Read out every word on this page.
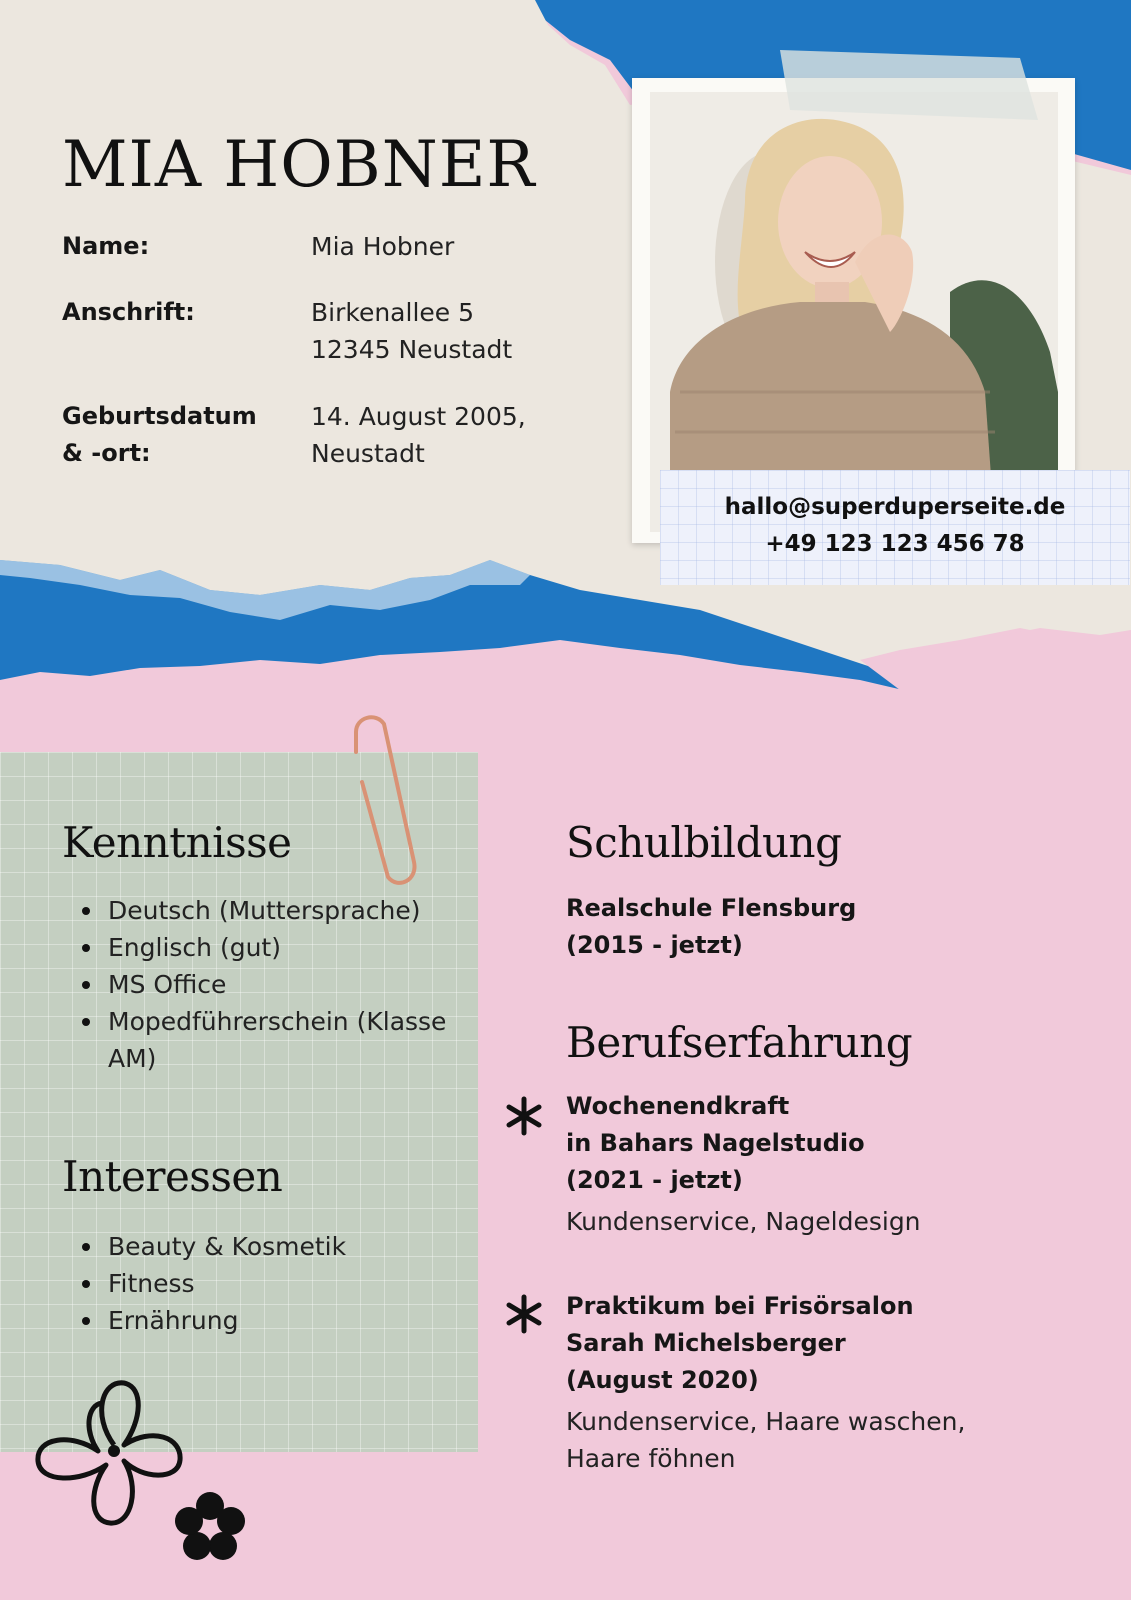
MIA HOBNER
Name:	Mia Hobner
Anschrift:	Birkenallee 5
12345 Neustadt
Geburtsdatum
& -ort:
14. August 2005,
Neustadt
hallo@superduperseite.de
+49 123 123 456 78
Kenntnisse
Deutsch (Muttersprache)
Englisch (gut)
MS Office
Mopedführerschein (Klasse AM)
Interessen
Beauty & Kosmetik
Fitness
Ernährung
Schulbildung
Realschule Flensburg
(2015 - jetzt)
Berufserfahrung
Wochenendkraft
in Bahars Nagelstudio
(2021 - jetzt)
Kundenservice, Nageldesign
Praktikum bei Frisörsalon
Sarah Michelsberger
(August 2020)
Kundenservice, Haare waschen, Haare föhnen
